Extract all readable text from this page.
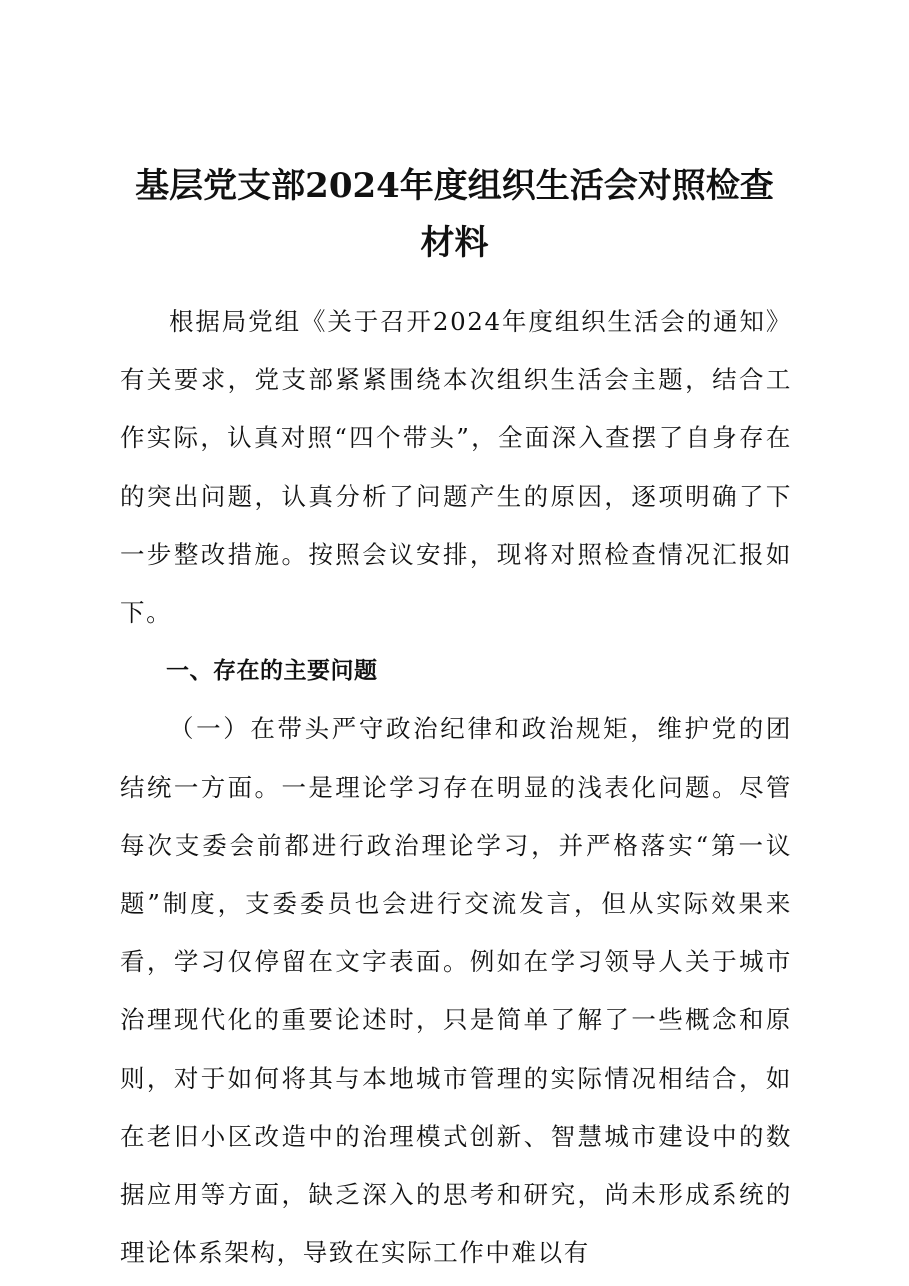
基层党支部2024年度组织生活会对照检查材料

根据局党组《关于召开2024年度组织生活会的通知》有关要求，党支部紧紧围绕本次组织生活会主题，结合工作实际，认真对照“四个带头”，全面深入查摆了自身存在的突出问题，认真分析了问题产生的原因，逐项明确了下一步整改措施。按照会议安排，现将对照检查情况汇报如下。

一、存在的主要问题

（一）在带头严守政治纪律和政治规矩，维护党的团结统一方面。一是理论学习存在明显的浅表化问题。尽管每次支委会前都进行政治理论学习，并严格落实“第一议题”制度，支委委员也会进行交流发言，但从实际效果来看，学习仅停留在文字表面。例如在学习领导人关于城市治理现代化的重要论述时，只是简单了解了一些概念和原则，对于如何将其与本地城市管理的实际情况相结合，如在老旧小区改造中的治理模式创新、智慧城市建设中的数据应用等方面，缺乏深入的思考和研究，尚未形成系统的理论体系架构，导致在实际工作中难以有
